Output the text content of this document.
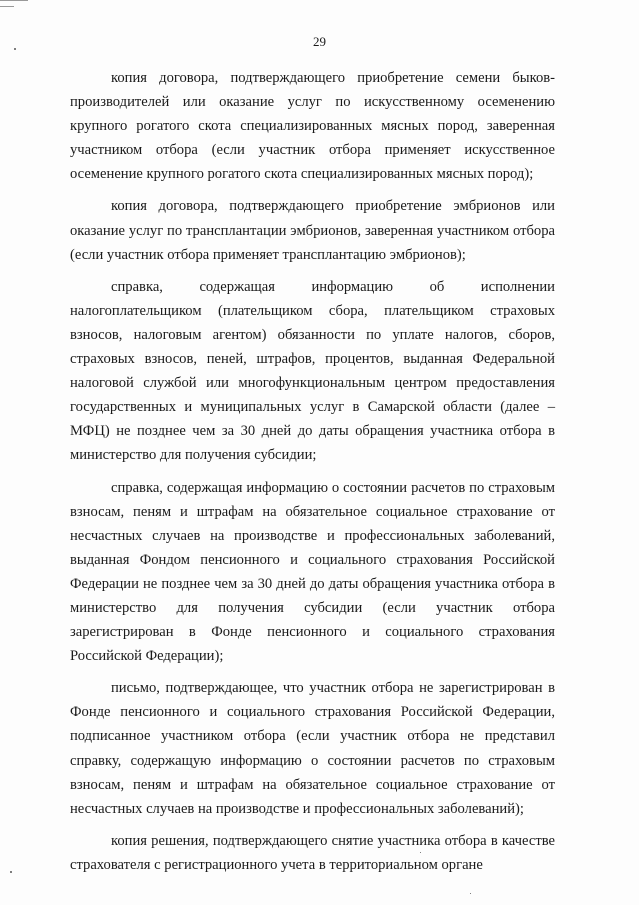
29

копия договора, подтверждающего приобретение семени быков-производителей или оказание услуг по искусственному осеменению крупного рогатого скота специализированных мясных пород, заверенная участником отбора (если участник отбора применяет искусственное осеменение крупного рогатого скота специализированных мясных пород);

копия договора, подтверждающего приобретение эмбрионов или оказание услуг по трансплантации эмбрионов, заверенная участником отбора (если участник отбора применяет трансплантацию эмбрионов);

справка, содержащая информацию об исполнении налогоплательщиком (плательщиком сбора, плательщиком страховых взносов, налоговым агентом) обязанности по уплате налогов, сборов, страховых взносов, пеней, штрафов, процентов, выданная Федеральной налоговой службой или многофункциональным центром предоставления государственных и муниципальных услуг в Самарской области (далее – МФЦ) не позднее чем за 30 дней до даты обращения участника отбора в министерство для получения субсидии;

справка, содержащая информацию о состоянии расчетов по страховым взносам, пеням и штрафам на обязательное социальное страхование от несчастных случаев на производстве и профессиональных заболеваний, выданная Фондом пенсионного и социального страхования Российской Федерации не позднее чем за 30 дней до даты обращения участника отбора в министерство для получения субсидии (если участник отбора зарегистрирован в Фонде пенсионного и социального страхования Российской Федерации);

письмо, подтверждающее, что участник отбора не зарегистрирован в Фонде пенсионного и социального страхования Российской Федерации, подписанное участником отбора (если участник отбора не представил справку, содержащую информацию о состоянии расчетов по страховым взносам, пеням и штрафам на обязательное социальное страхование от несчастных случаев на производстве и профессиональных заболеваний);

копия решения, подтверждающего снятие участника отбора в качестве страхователя с регистрационного учета в территориальном органе
